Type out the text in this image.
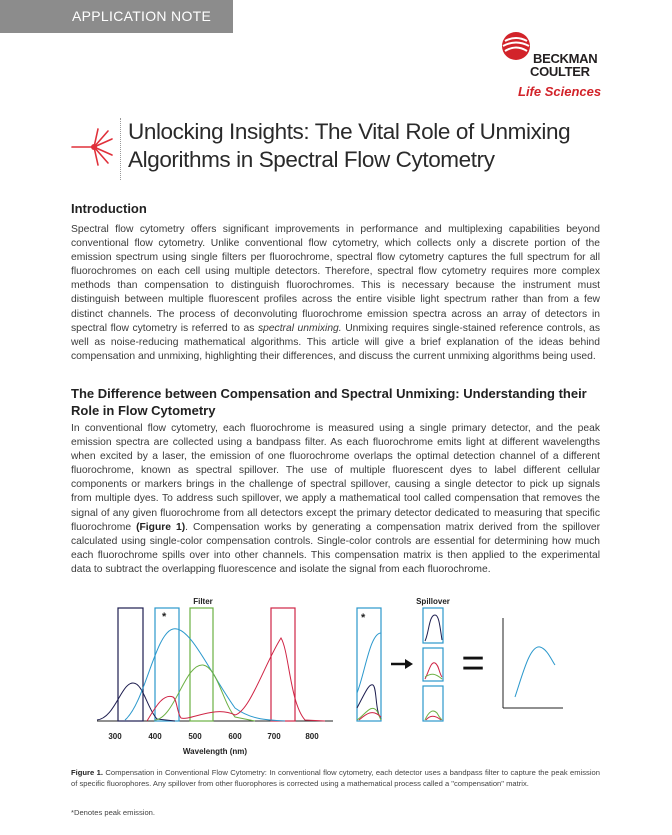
APPLICATION NOTE
BECKMAN
COULTER
Life Sciences
Unlocking Insights: The Vital Role of Unmixing Algorithms in Spectral Flow Cytometry
Introduction

Spectral flow cytometry offers significant improvements in performance and multiplexing capabilities beyond conventional flow cytometry. Unlike conventional flow cytometry, which collects only a discrete portion of the emission spectrum using single filters per fluorochrome, spectral flow cytometry captures the full spectrum for all fluorochromes on each cell using multiple detectors. Therefore, spectral flow cytometry requires more complex methods than compensation to distinguish fluorochromes. This is necessary because the instrument must distinguish between multiple fluorescent profiles across the entire visible light spectrum rather than from a few distinct channels. The process of deconvoluting fluorochrome emission spectra across an array of detectors in spectral flow cytometry is referred to as spectral unmixing. Unmixing requires single-stained reference controls, as well as noise-reducing mathematical algorithms. This article will give a brief explanation of the ideas behind compensation and unmixing, highlighting their differences, and discuss the current unmixing algorithms being used.

The Difference between Compensation and Spectral Unmixing: Understanding their Role in Flow Cytometry

In conventional flow cytometry, each fluorochrome is measured using a single primary detector, and the peak emission spectra are collected using a bandpass filter. As each fluorochrome emits light at different wavelengths when excited by a laser, the emission of one fluorochrome overlaps the optimal detection channel of a different fluorochrome, known as spectral spillover. The use of multiple fluorescent dyes to label different cellular components or markers brings in the challenge of spectral spillover, causing a single detector to pick up signals from multiple dyes. To address such spillover, we apply a mathematical tool called compensation that removes the signal of any given fluorochrome from all detectors except the primary detector dedicated to measuring that specific fluorochrome (Figure 1). Compensation works by generating a compensation matrix derived from the spillover calculated using single-color compensation controls. Single-color controls are essential for determining how much each fluorochrome spills over into other channels. This compensation matrix is then applied to the experimental data to subtract the overlapping fluorescence and isolate the signal from each fluorochrome.

*
Filter
300	400	500	600	700	800
Wavelength (nm)
*
Spillover
=

Figure 1. Compensation in Conventional Flow Cytometry: In conventional flow cytometry, each detector uses a bandpass filter to capture the peak emission of specific fluorophores. Any spillover from other fluorophores is corrected using a mathematical process called a "compensation" matrix.

*Denotes peak emission.
